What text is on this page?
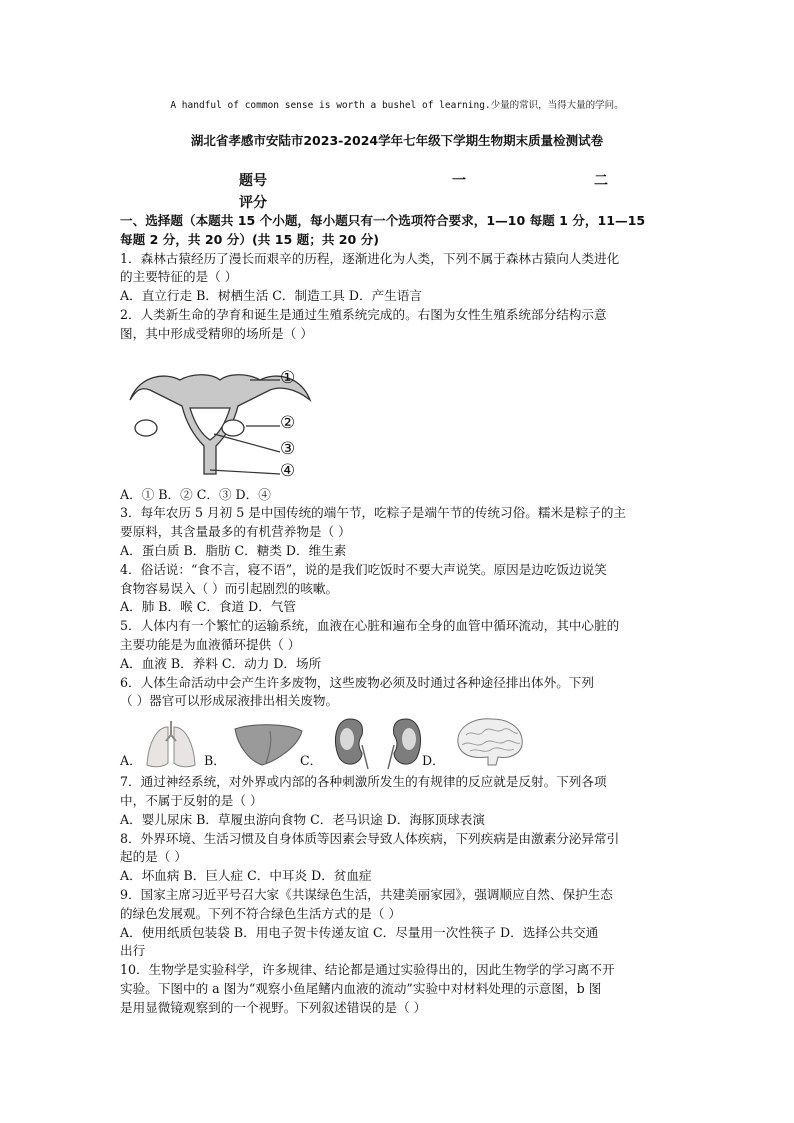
A handful of common sense is worth a bushel of learning.少量的常识，当得大量的学问。
湖北省孝感市安陆市2023-2024学年七年级下学期生物期末质量检测试卷
题号	一	二
评分

一、选择题（本题共 15 个小题，每小题只有一个选项符合要求，1—10 每题 1 分，11—15

每题 2 分，共 20 分）(共 15 题；共 20 分)

1．森林古猿经历了漫长而艰辛的历程，逐渐进化为人类，下列不属于森林古猿向人类进化

的主要特征的是（ ）

A．直立行走 B．树栖生活 C．制造工具 D．产生语言

2．人类新生命的孕育和诞生是通过生殖系统完成的。右图为女性生殖系统部分结构示意

图，其中形成受精卵的场所是（ ）

①
②
③
④

A．① B．② C．③ D．④

3．每年农历 5 月初 5 是中国传统的端午节，吃粽子是端午节的传统习俗。糯米是粽子的主

要原料，其含量最多的有机营养物是（ ）

A．蛋白质 B．脂肪 C．糖类 D．维生素

4．俗话说：“食不言，寝不语”，说的是我们吃饭时不要大声说笑。原因是边吃饭边说笑

食物容易误入（ ）而引起剧烈的咳嗽。

A．肺 B．喉 C．食道 D．气管

5．人体内有一个繁忙的运输系统，血液在心脏和遍布全身的血管中循环流动，其中心脏的

主要功能是为血液循环提供（ ）

A．血液 B．养料 C．动力 D．场所

6．人体生命活动中会产生许多废物，这些废物必须及时通过各种途径排出体外。下列

（ ）器官可以形成尿液排出相关废物。

A．	B．	C．	D．

7．通过神经系统，对外界或内部的各种刺激所发生的有规律的反应就是反射。下列各项

中，不属于反射的是（ ）

A．婴儿尿床 B．草履虫游向食物 C．老马识途 D．海豚顶球表演

8．外界环境、生活习惯及自身体质等因素会导致人体疾病，下列疾病是由激素分泌异常引

起的是（ ）

A．坏血病 B．巨人症 C．中耳炎 D．贫血症

9．国家主席习近平号召大家《共谋绿色生活，共建美丽家园》，强调顺应自然、保护生态

的绿色发展观。下列不符合绿色生活方式的是（ ）

A．使用纸质包装袋 B．用电子贺卡传递友谊 C．尽量用一次性筷子 D．选择公共交通

出行

10．生物学是实验科学，许多规律、结论都是通过实验得出的，因此生物学的学习离不开

实验。下图中的 a 图为“观察小鱼尾鳍内血液的流动”实验中对材料处理的示意图，b 图

是用显微镜观察到的一个视野。下列叙述错误的是（ ）
